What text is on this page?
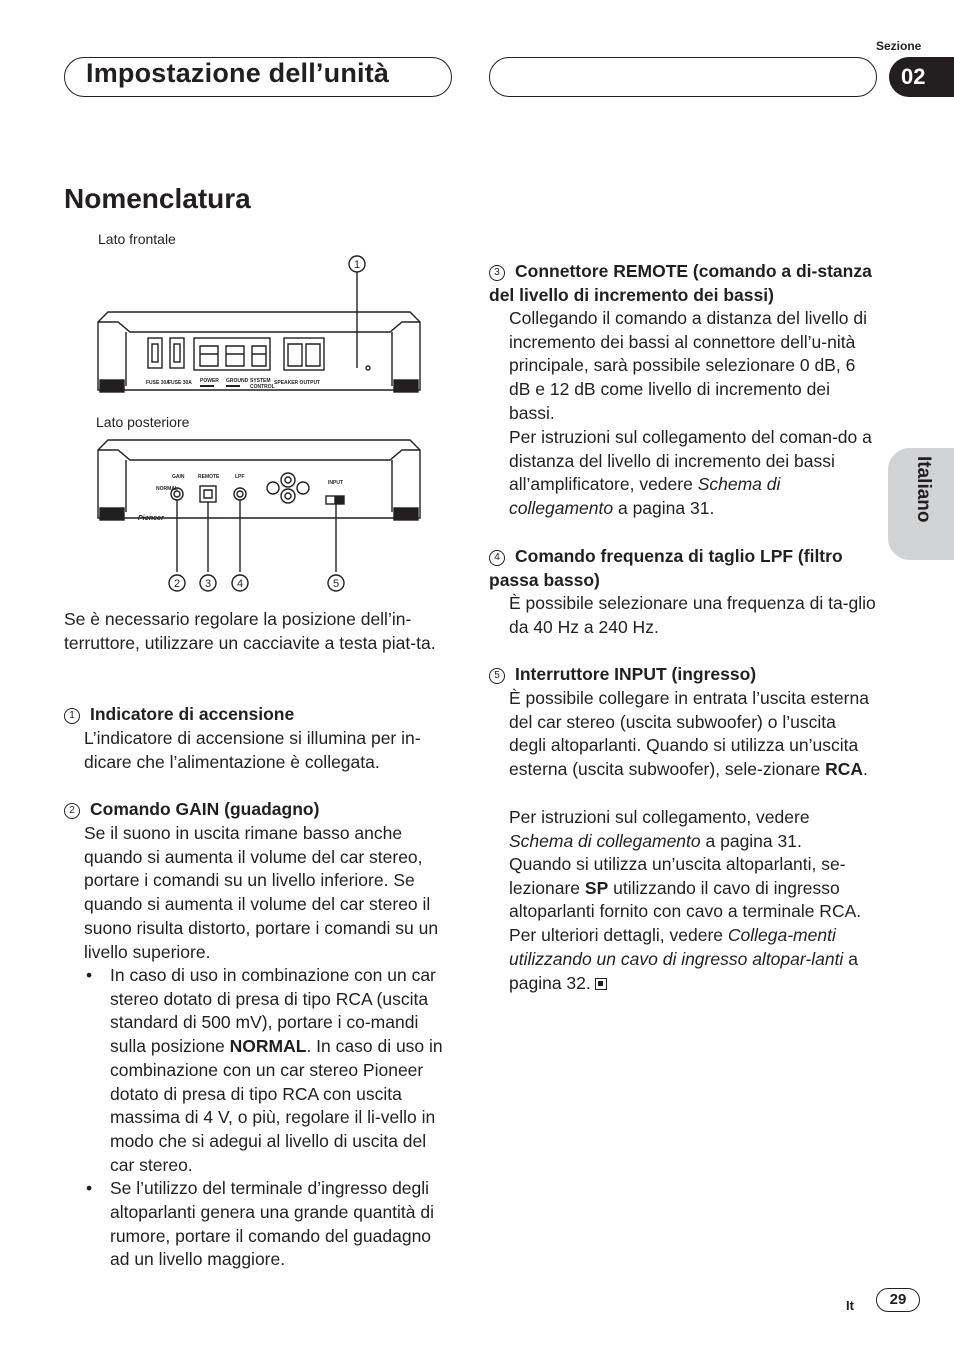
Impostazione dell’unità
Sezione
02
Italiano
Nomenclatura
Lato frontale
Lato posteriore
FUSE 30A
FUSE 30A POWER GROUND SYSTEM
CONTROL
SPEAKER OUTPUT
GAIN	REMOTE	LPF
INPUT
NORMAL
Pioneer
1
2 3 4	5

Se è necessario regolare la posizione dell’in-terruttore, utilizzare un cacciavite a testa piat-ta.

1 Indicatore di accensione

L’indicatore di accensione si illumina per in-dicare che l’alimentazione è collegata.

2 Comando GAIN (guadagno)

Se il suono in uscita rimane basso anche quando si aumenta il volume del car stereo, portare i comandi su un livello inferiore. Se quando si aumenta il volume del car stereo il suono risulta distorto, portare i comandi su un livello superiore.

• In caso di uso in combinazione con un car stereo dotato di presa di tipo RCA (uscita standard di 500 mV), portare i co-mandi sulla posizione NORMAL. In caso di uso in combinazione con un car stereo Pioneer dotato di presa di tipo RCA con uscita massima di 4 V, o più, regolare il li-vello in modo che si adegui al livello di uscita del car stereo.
• Se l’utilizzo del terminale d’ingresso degli altoparlanti genera una grande quantità di rumore, portare il comando del guadagno ad un livello maggiore.

3 Connettore REMOTE (comando a di-stanza del livello di incremento dei bassi)

Collegando il comando a distanza del livello di incremento dei bassi al connettore dell’u-nità principale, sarà possibile selezionare 0 dB, 6 dB e 12 dB come livello di incremento dei bassi.

Per istruzioni sul collegamento del coman-do a distanza del livello di incremento dei bassi all’amplificatore, vedere Schema di collegamento a pagina 31.

4 Comando frequenza di taglio LPF (filtro passa basso)

È possibile selezionare una frequenza di ta-glio da 40 Hz a 240 Hz.

5 Interruttore INPUT (ingresso)

È possibile collegare in entrata l’uscita esterna del car stereo (uscita subwoofer) o l’uscita degli altoparlanti. Quando si utilizza un’uscita esterna (uscita subwoofer), sele-zionare RCA.

Per istruzioni sul collegamento, vedere Schema di collegamento a pagina 31.

Quando si utilizza un’uscita altoparlanti, se-lezionare SP utilizzando il cavo di ingresso altoparlanti fornito con cavo a terminale RCA. Per ulteriori dettagli, vedere Collega-menti utilizzando un cavo di ingresso altopar-lanti a pagina 32.

It	29
